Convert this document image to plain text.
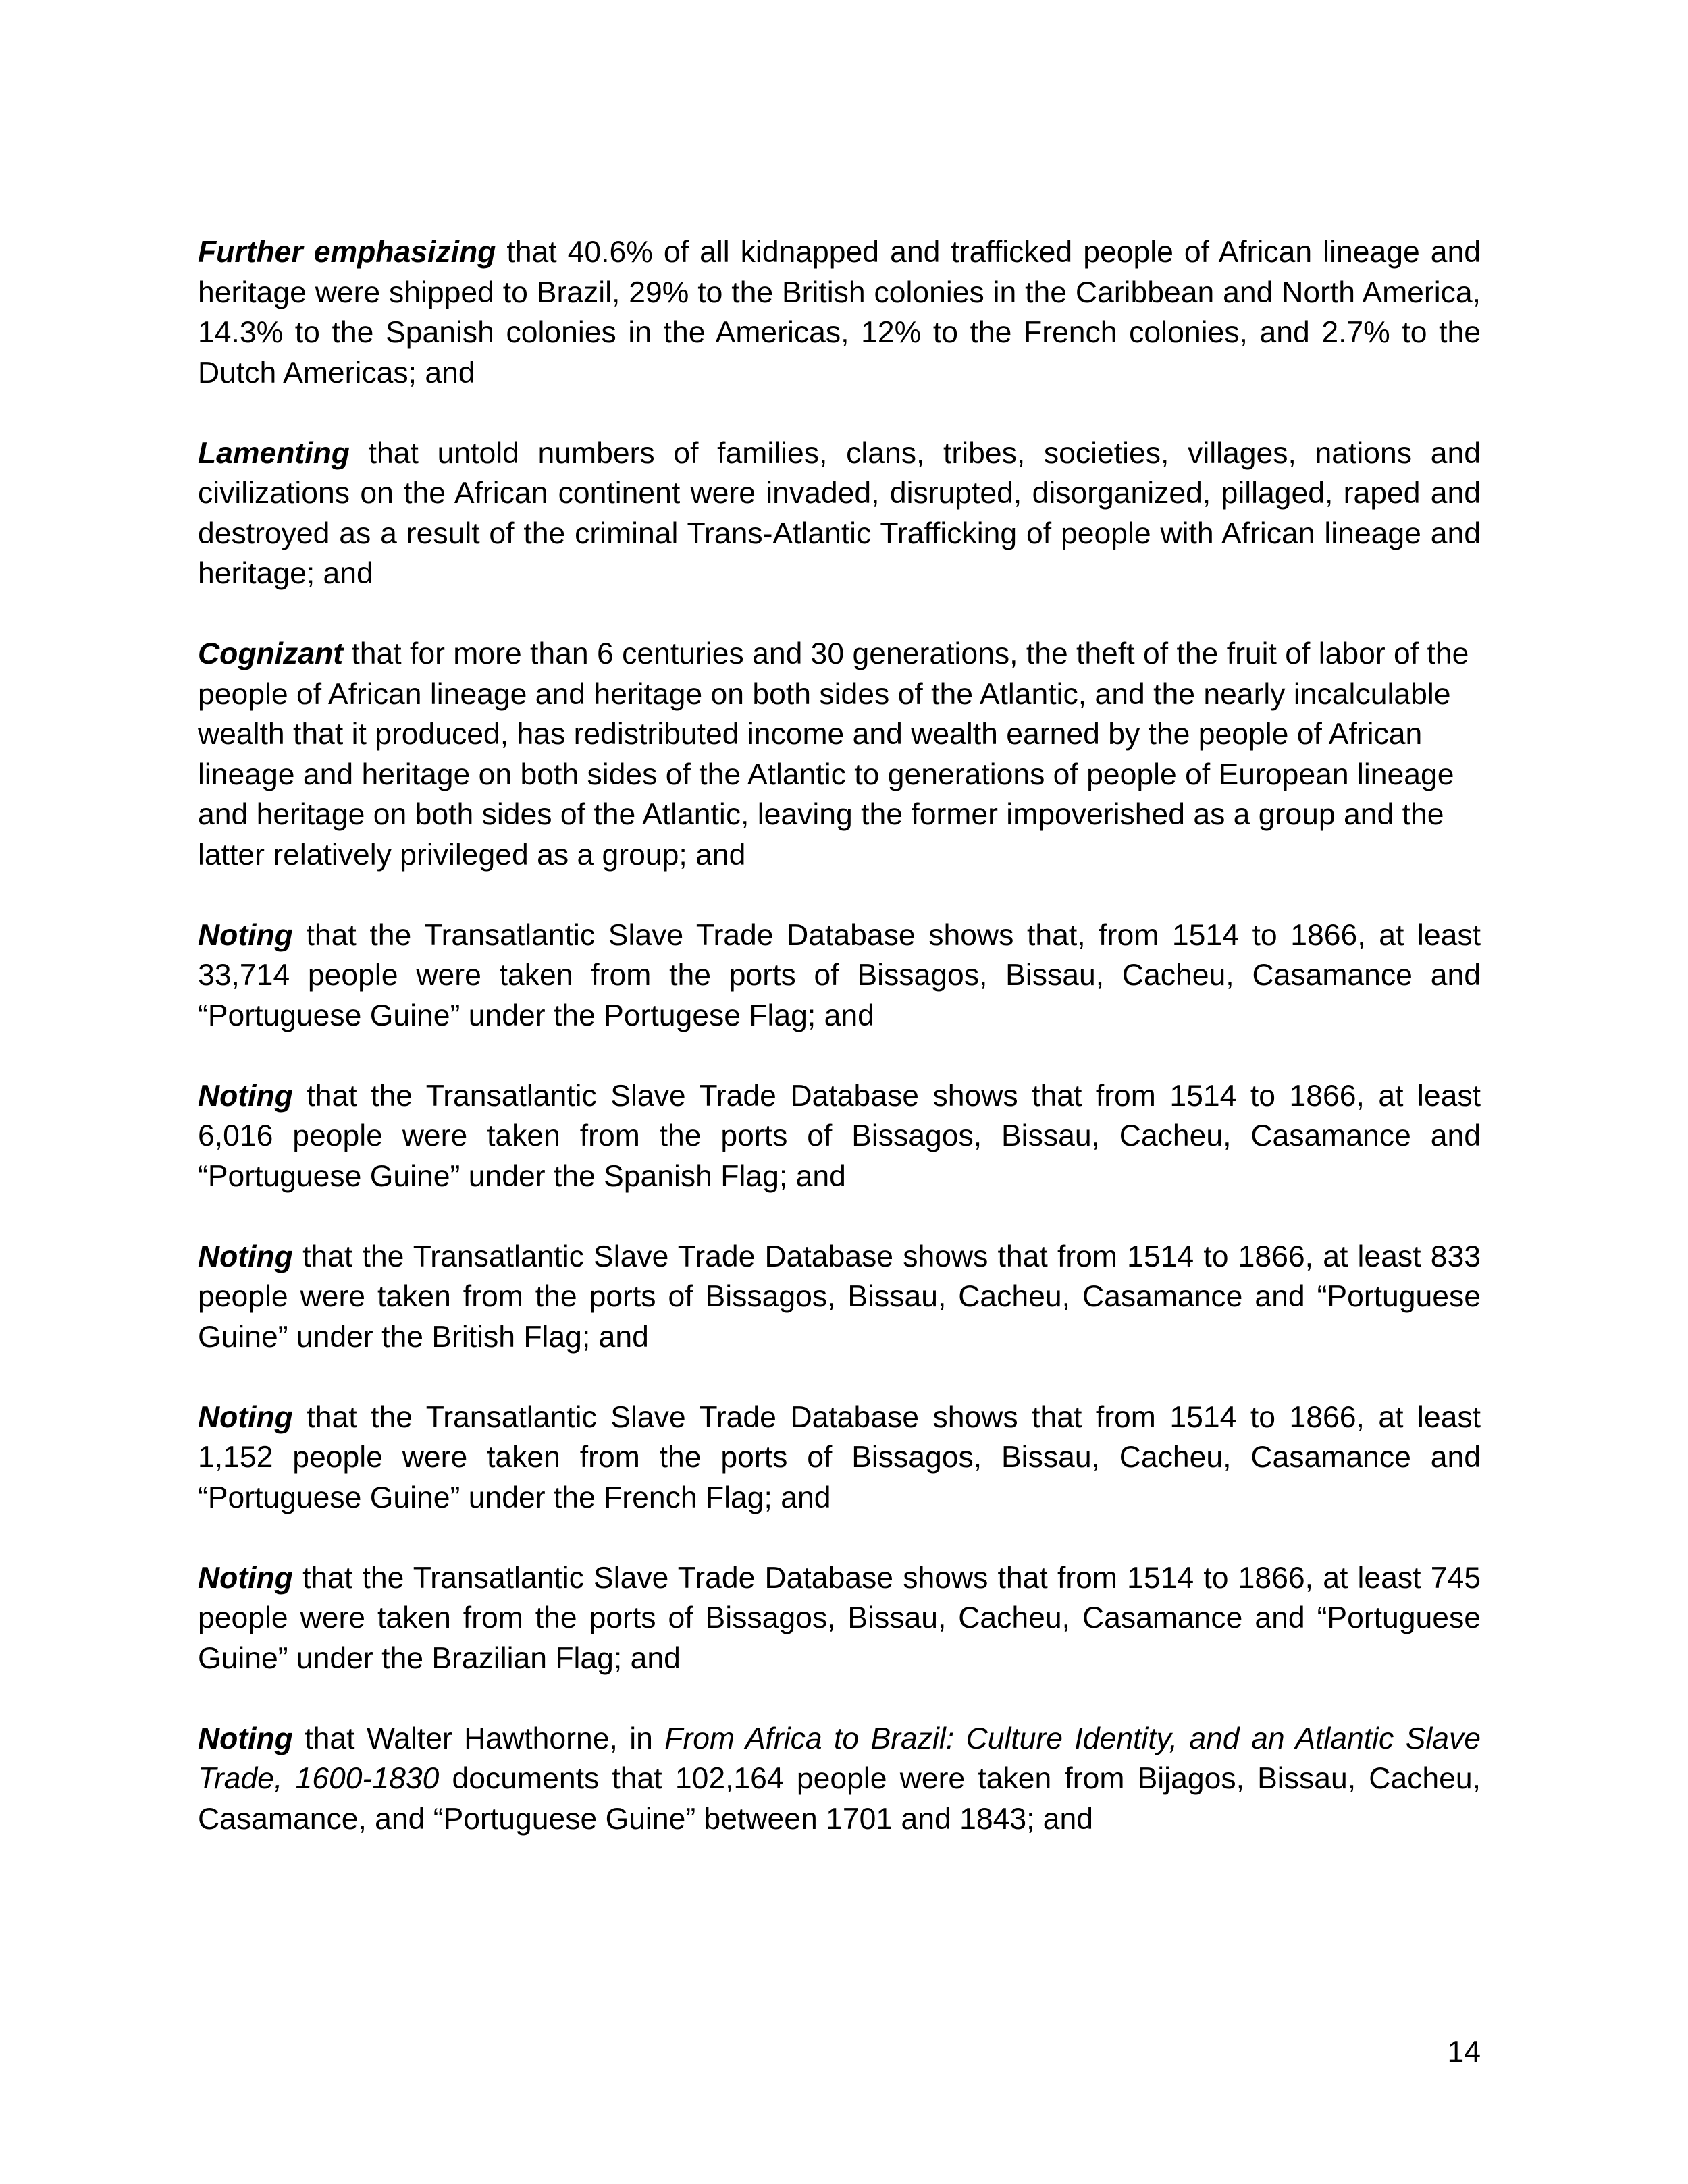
Further emphasizing that 40.6% of all kidnapped and trafficked people of African lineage and heritage were shipped to Brazil, 29% to the British colonies in the Caribbean and North America, 14.3% to the Spanish colonies in the Americas, 12% to the French colonies, and 2.7% to the Dutch Americas; and

Lamenting that untold numbers of families, clans, tribes, societies, villages, nations and civilizations on the African continent were invaded, disrupted, disorganized, pillaged, raped and destroyed as a result of the criminal Trans-Atlantic Trafficking of people with African lineage and heritage; and

Cognizant that for more than 6 centuries and 30 generations, the theft of the fruit of labor of the people of African lineage and heritage on both sides of the Atlantic, and the nearly incalculable wealth that it produced, has redistributed income and wealth earned by the people of African lineage and heritage on both sides of the Atlantic to generations of people of European lineage and heritage on both sides of the Atlantic, leaving the former impoverished as a group and the latter relatively privileged as a group; and

Noting that the Transatlantic Slave Trade Database shows that, from 1514 to 1866, at least 33,714 people were taken from the ports of Bissagos, Bissau, Cacheu, Casamance and “Portuguese Guine” under the Portugese Flag; and

Noting that the Transatlantic Slave Trade Database shows that from 1514 to 1866, at least 6,016 people were taken from the ports of Bissagos, Bissau, Cacheu, Casamance and “Portuguese Guine” under the Spanish Flag; and

Noting that the Transatlantic Slave Trade Database shows that from 1514 to 1866, at least 833 people were taken from the ports of Bissagos, Bissau, Cacheu, Casamance and “Portuguese Guine” under the British Flag; and

Noting that the Transatlantic Slave Trade Database shows that from 1514 to 1866, at least 1,152 people were taken from the ports of Bissagos, Bissau, Cacheu, Casamance and “Portuguese Guine” under the French Flag; and

Noting that the Transatlantic Slave Trade Database shows that from 1514 to 1866, at least 745 people were taken from the ports of Bissagos, Bissau, Cacheu, Casamance and “Portuguese Guine” under the Brazilian Flag; and

Noting that Walter Hawthorne, in From Africa to Brazil: Culture Identity, and an Atlantic Slave Trade, 1600-1830 documents that 102,164 people were taken from Bijagos, Bissau, Cacheu, Casamance, and “Portuguese Guine” between 1701 and 1843; and

14
